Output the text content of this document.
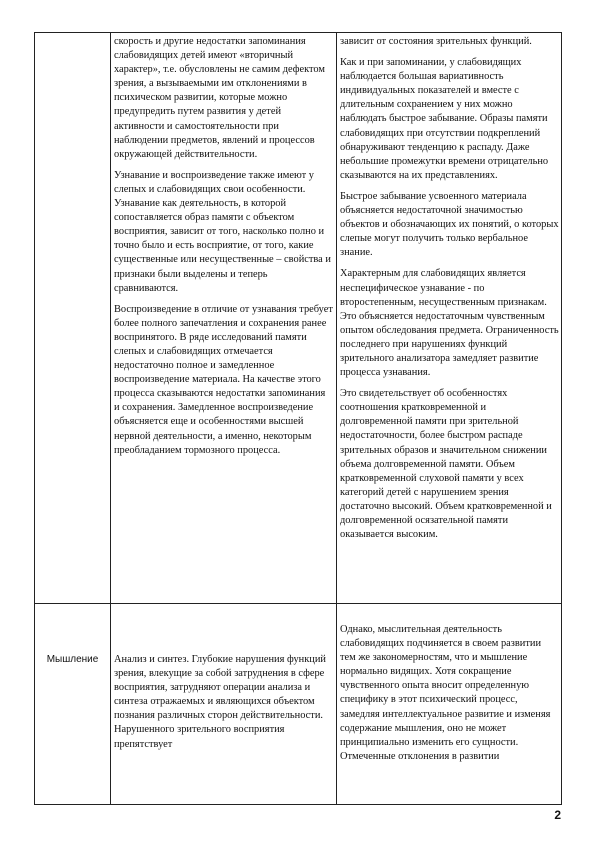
скорость и другие недостатки запоминания слабовидящих детей имеют «вторичный характер», т.е. обусловлены не самим дефектом зрения, а вызываемыми им отклонениями в психическом развитии, которые можно предупредить путем развития у детей активности и самостоятельности при наблюдении предметов, явлений и процессов окружающей действительности.

Узнавание и воспроизведение также имеют у слепых и слабовидящих свои особенности. Узнавание как деятельность, в которой сопоставляется образ памяти с объектом восприятия, зависит от того, насколько полно и точно было и есть восприятие, от того, какие существенные или несущественные – свойства и признаки были выделены и теперь сравниваются.

Воспроизведение в отличие от узнавания требует более полного запечатления и сохранения ранее воспринятого. В ряде исследований памяти слепых и слабовидящих отмечается недостаточно полное и замедленное воспроизведение материала. На качестве этого процесса сказываются недостатки запоминания и сохранения. Замедленное воспроизведение объясняется еще и особенностями высшей нервной деятельности, а именно, некоторым преобладанием тормозного процесса.

зависит от состояния зрительных функций.

Как и при запоминании, у слабовидящих наблюдается большая вариативность индивидуальных показателей и вместе с длительным сохранением у них можно наблюдать быстрое забывание. Образы памяти слабовидящих при отсутствии подкреплений обнаруживают тенденцию к распаду. Даже небольшие промежутки времени отрицательно сказываются на их представлениях.

Быстрое забывание усвоенного материала объясняется недостаточной значимостью объектов и обозначающих их понятий, о которых слепые могут получить только вербальное знание.

Характерным для слабовидящих является неспецифическое узнавание - по второстепенным, несущественным признакам. Это объясняется недостаточным чувственным опытом обследования предмета. Ограниченность последнего при нарушениях функций зрительного анализатора замедляет развитие процесса узнавания.

Это свидетельствует об особенностях соотношения кратковременной и долговременной памяти при зрительной недостаточности, более быстром распаде зрительных образов и значительном снижении объема долговременной памяти. Объем кратковременной слуховой памяти у всех категорий детей с нарушением зрения достаточно высокий. Объем кратковременной и долговременной осязательной памяти оказывается высоким.

Мышление	Анализ и синтез. Глубокие нарушения функций зрения, влекущие за собой затруднения в сфере восприятия, затрудняют операции анализа и синтеза отражаемых и являющихся объектом познания различных сторон действительности. Нарушенного зрительного восприятия препятствует

Однако, мыслительная деятельность слабовидящих подчиняется в своем развитии тем же закономерностям, что и мышление нормально видящих. Хотя сокращение чувственного опыта вносит определенную специфику в этот психический процесс, замедляя интеллектуальное развитие и изменяя содержание мышления, оно не может принципиально изменить его сущности. Отмеченные отклонения в развитии

2
